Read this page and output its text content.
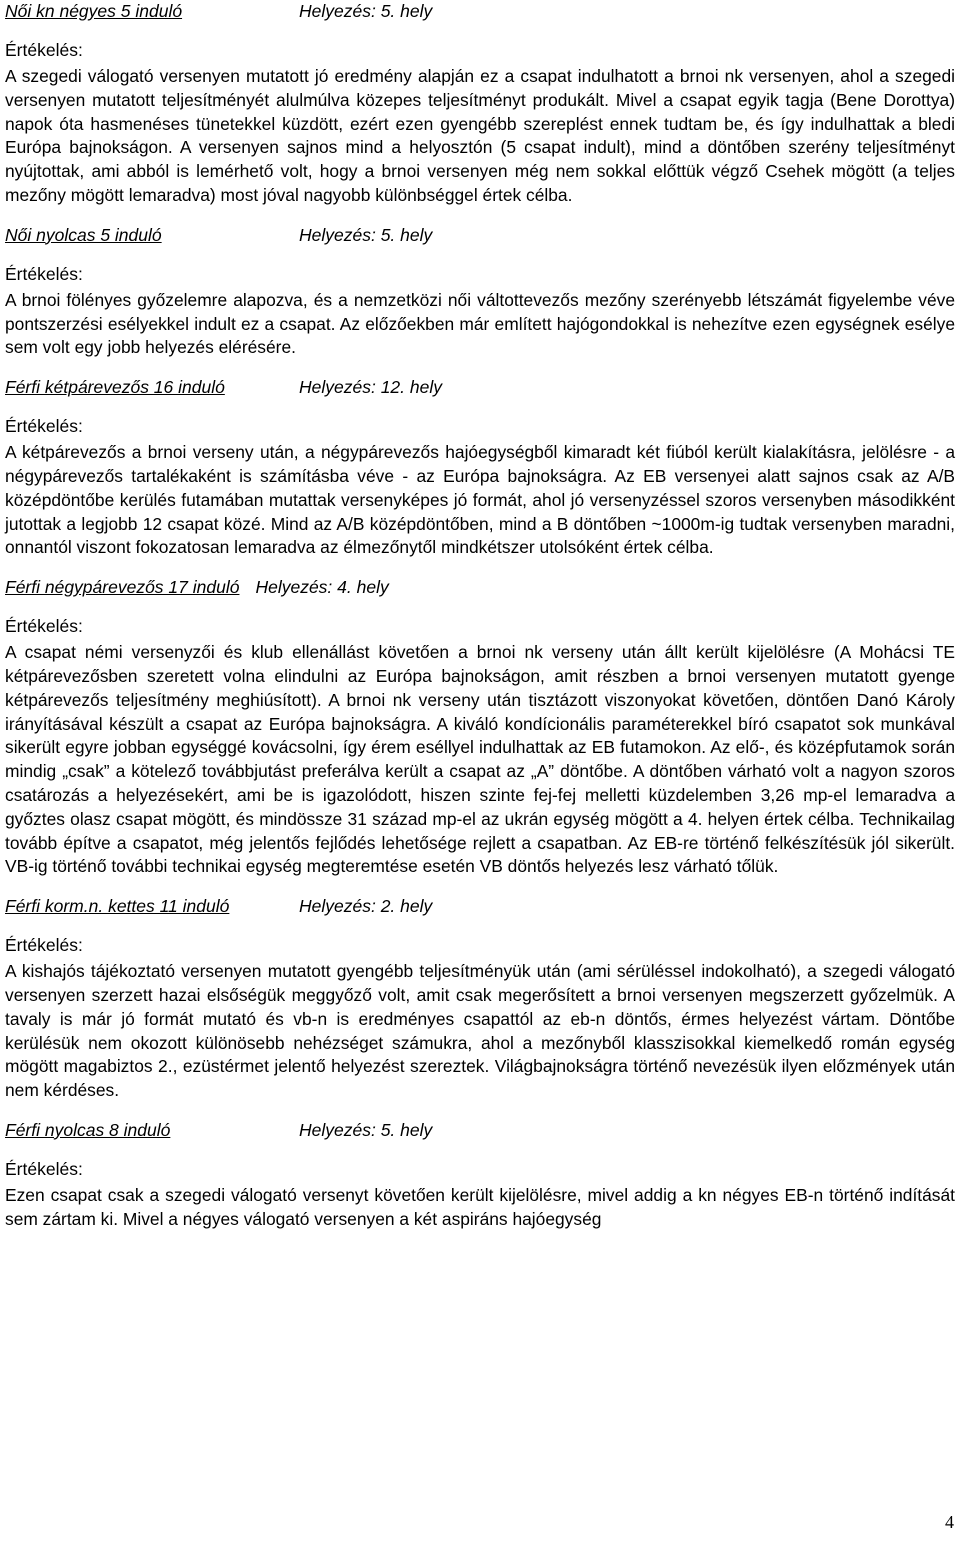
Női kn négyes 5 induló	Helyezés: 5. hely
Értékelés:

A szegedi válogató versenyen mutatott jó eredmény alapján ez a csapat indulhatott a brnoi nk versenyen, ahol a szegedi versenyen mutatott teljesítményét alulmúlva közepes teljesítményt produkált. Mivel a csapat egyik tagja (Bene Dorottya) napok óta hasmenéses tünetekkel küzdött, ezért ezen gyengébb szereplést ennek tudtam be, és így indulhattak a bledi Európa bajnokságon. A versenyen sajnos mind a helyosztón (5 csapat indult), mind a döntőben szerény teljesítményt nyújtottak, ami abból is lemérhető volt, hogy a brnoi versenyen még nem sokkal előttük végző Csehek mögött (a teljes mezőny mögött lemaradva) most jóval nagyobb különbséggel értek célba.

Női nyolcas 5 induló	Helyezés: 5. hely
Értékelés:

A brnoi fölényes győzelemre alapozva, és a nemzetközi női váltottevezős mezőny szerényebb létszámát figyelembe véve pontszerzési esélyekkel indult ez a csapat. Az előzőekben már említett hajógondokkal is nehezítve ezen egységnek esélye sem volt egy jobb helyezés elérésére.

Férfi kétpárevezős 16 induló	Helyezés: 12. hely
Értékelés:

A kétpárevezős a brnoi verseny után, a négypárevezős hajóegységből kimaradt két fiúból került kialakításra, jelölésre - a négypárevezős tartalékaként is számításba véve - az Európa bajnokságra. Az EB versenyei alatt sajnos csak az A/B középdöntőbe kerülés futamában mutattak versenyképes jó formát, ahol jó versenyzéssel szoros versenyben másodikként jutottak a legjobb 12 csapat közé. Mind az A/B középdöntőben, mind a B döntőben ~1000m-ig tudtak versenyben maradni, onnantól viszont fokozatosan lemaradva az élmezőnytől mindkétszer utolsóként értek célba.

Férfi négypárevezős 17 induló Helyezés: 4. hely
Értékelés:

A csapat némi versenyzői és klub ellenállást követően a brnoi nk verseny után állt került kijelölésre (A Mohácsi TE kétpárevezősben szeretett volna elindulni az Európa bajnokságon, amit részben a brnoi versenyen mutatott gyenge kétpárevezős teljesítmény meghiúsított). A brnoi nk verseny után tisztázott viszonyokat követően, döntően Danó Károly irányításával készült a csapat az Európa bajnokságra. A kiváló kondícionális paraméterekkel bíró csapatot sok munkával sikerült egyre jobban egységgé kovácsolni, így érem eséllyel indulhattak az EB futamokon. Az elő-, és középfutamok során mindig „csak” a kötelező továbbjutást preferálva került a csapat az „A” döntőbe. A döntőben várható volt a nagyon szoros csatározás a helyezésekért, ami be is igazolódott, hiszen szinte fej-fej melletti küzdelemben 3,26 mp-el lemaradva a győztes olasz csapat mögött, és mindössze 31 század mp-el az ukrán egység mögött a 4. helyen értek célba. Technikailag tovább építve a csapatot, még jelentős fejlődés lehetősége rejlett a csapatban. Az EB-re történő felkészítésük jól sikerült. VB-ig történő további technikai egység megteremtése esetén VB döntős helyezés lesz várható tőlük.

Férfi korm.n. kettes 11 induló	Helyezés: 2. hely
Értékelés:

A kishajós tájékoztató versenyen mutatott gyengébb teljesítményük után (ami sérüléssel indokolható), a szegedi válogató versenyen szerzett hazai elsőségük meggyőző volt, amit csak megerősített a brnoi versenyen megszerzett győzelmük. A tavaly is már jó formát mutató és vb-n is eredményes csapattól az eb-n döntős, érmes helyezést vártam. Döntőbe kerülésük nem okozott különösebb nehézséget számukra, ahol a mezőnyből klasszisokkal kiemelkedő román egység mögött magabiztos 2., ezüstérmet jelentő helyezést szereztek. Világbajnokságra történő nevezésük ilyen előzmények után nem kérdéses.

Férfi nyolcas 8 induló	Helyezés: 5. hely
Értékelés:

Ezen csapat csak a szegedi válogató versenyt követően került kijelölésre, mivel addig a kn négyes EB-n történő indítását sem zártam ki. Mivel a négyes válogató versenyen a két aspiráns hajóegység

4
